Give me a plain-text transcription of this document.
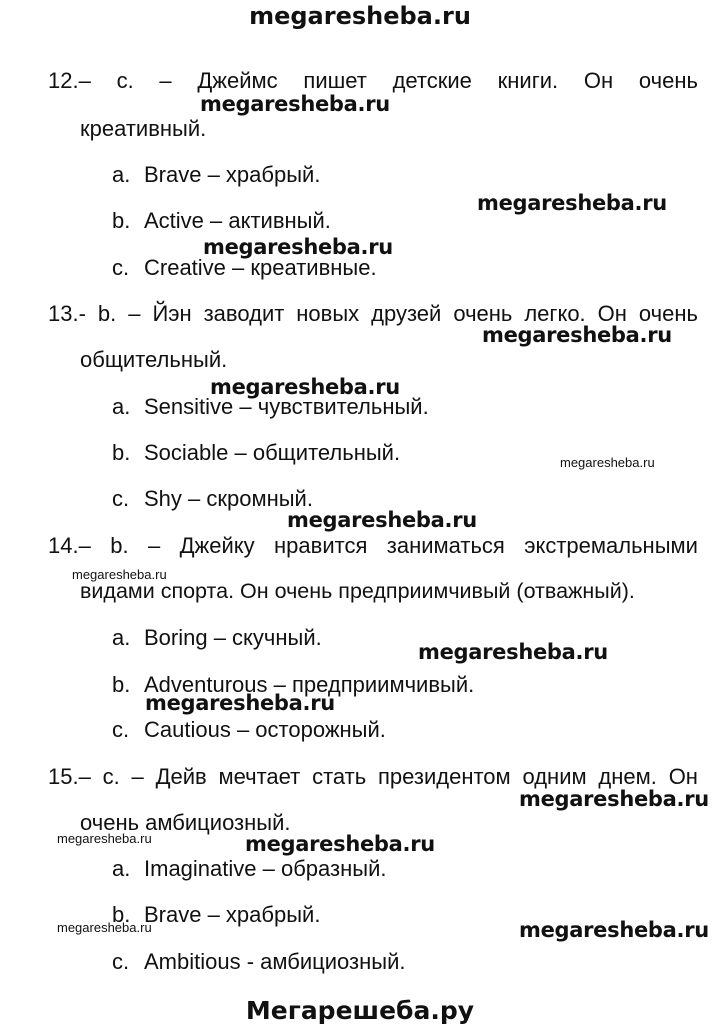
megaresheba.ru
12.– c. – Джеймс пишет детские книги. Он очень
креативный.
a. Brave – храбрый.
b. Active – активный.
c. Creative – креативные.
13.- b. – Йэн заводит новых друзей очень легко. Он очень
общительный.
a. Sensitive – чувствительный.
b. Sociable – общительный.
c. Shy – скромный.
14.– b. – Джейку нравится заниматься экстремальными
видами спорта. Он очень предприимчивый (отважный).
a. Boring – скучный.
b. Adventurous – предприимчивый.
c. Cautious – осторожный.
15.– c. – Дейв мечтает стать президентом одним днем. Он
очень амбициозный.
a. Imaginative – образный.
b. Brave – храбрый.
c. Ambitious - амбициозный.
megaresheba.ru
megaresheba.ru
megaresheba.ru
megaresheba.ru
megaresheba.ru
megaresheba.ru
megaresheba.ru
megaresheba.ru
megaresheba.ru
megaresheba.ru
megaresheba.ru
megaresheba.ru	megaresheba.ru
megaresheba.ru	megaresheba.ru
Мегарешеба.ру
